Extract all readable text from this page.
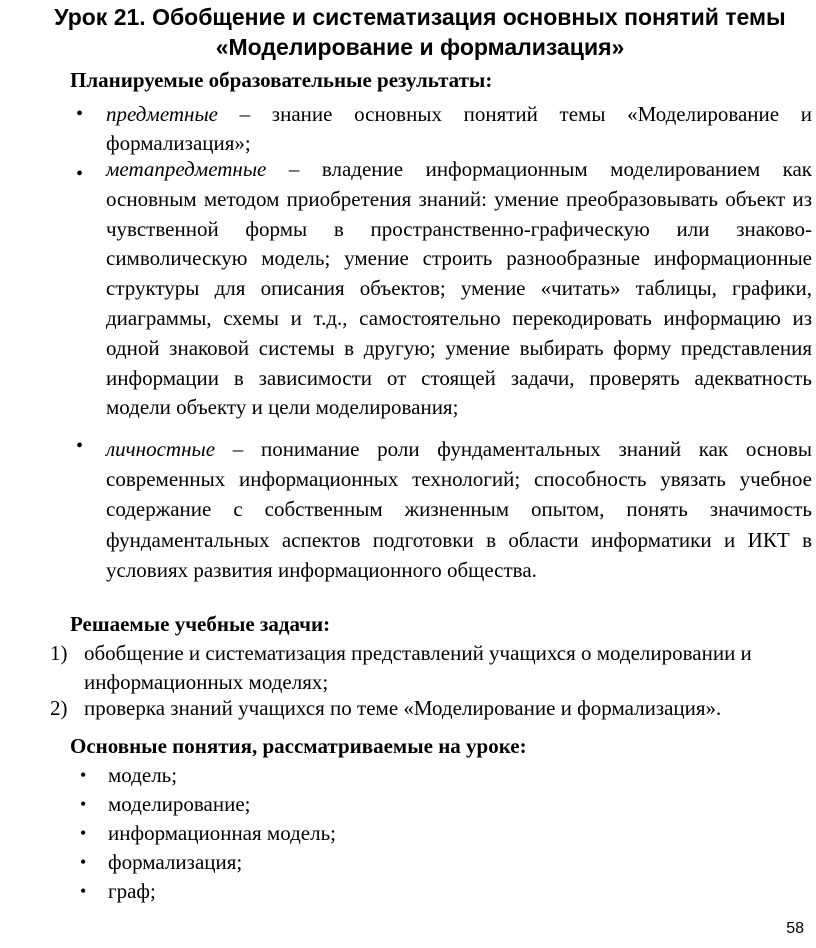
Урок 21. Обобщение и систематизация основных понятий темы
«Моделирование и формализация»
Планируемые образовательные результаты:
• предметные – знание основных понятий темы «Моделирование и формализация»;
• метапредметные – владение информационным моделированием как основным методом приобретения знаний: умение преобразовывать объект из чувственной формы в пространственно-графическую или знаково-символическую модель; умение строить разнообразные информационные структуры для описания объектов; умение «читать» таблицы, графики, диаграммы, схемы и т.д., самостоятельно перекодировать информацию из одной знаковой системы в другую; умение выбирать форму представления информации в зависимости от стоящей задачи, проверять адекватность модели объекту и цели моделирования;
• личностные – понимание роли фундаментальных знаний как основы современных информационных технологий; способность увязать учебное содержание с собственным жизненным опытом, понять значимость фундаментальных аспектов подготовки в области информатики и ИКТ в условиях развития информационного общества.
Решаемые учебные задачи:
1) обобщение и систематизация представлений учащихся о моделировании и информационных моделях;
2) проверка знаний учащихся по теме «Моделирование и формализация».
Основные понятия, рассматриваемые на уроке:
• модель;
• моделирование;
• информационная модель;
• формализация;
• граф;
58
